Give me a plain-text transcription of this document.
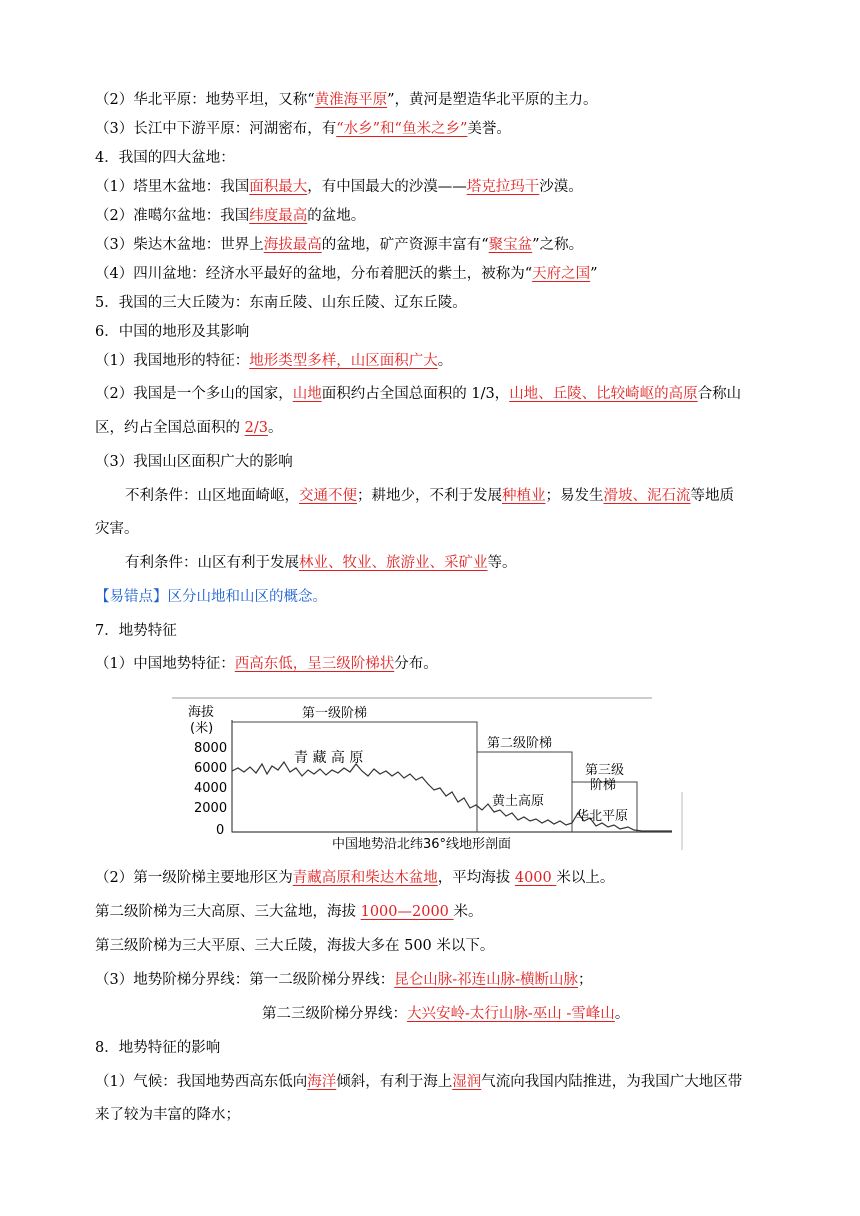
（2）华北平原：地势平坦，又称“黄淮海平原”，黄河是塑造华北平原的主力。
（3）长江中下游平原：河湖密布，有“水乡”和“鱼米之乡”美誉。
4．我国的四大盆地：
（1）塔里木盆地：我国面积最大，有中国最大的沙漠——塔克拉玛干沙漠。
（2）准噶尔盆地：我国纬度最高的盆地。
（3）柴达木盆地：世界上海拔最高的盆地，矿产资源丰富有“聚宝盆”之称。
（4）四川盆地：经济水平最好的盆地，分布着肥沃的紫土，被称为“天府之国”
5．我国的三大丘陵为：东南丘陵、山东丘陵、辽东丘陵。
6．中国的地形及其影响
（1）我国地形的特征：地形类型多样，山区面积广大。
（2）我国是一个多山的国家，山地面积约占全国总面积的 1/3，山地、丘陵、比较崎岖的高原合称山
区，约占全国总面积的 2/3。
（3）我国山区面积广大的影响
不利条件：山区地面崎岖，交通不便；耕地少，不利于发展种植业；易发生滑坡、泥石流等地质
灾害。
有利条件：山区有利于发展林业、牧业、旅游业、采矿业等。
【易错点】区分山地和山区的概念。
7．地势特征
（1）中国地势特征：西高东低，呈三级阶梯状分布。
（2）第一级阶梯主要地形区为青藏高原和柴达木盆地，平均海拔 4000 米以上。
第二级阶梯为三大高原、三大盆地，海拔 1000—2000 米。
第三级阶梯为三大平原、三大丘陵，海拔大多在 500 米以下。
（3）地势阶梯分界线：第一二级阶梯分界线：昆仑山脉-祁连山脉-横断山脉；
第二三级阶梯分界线：大兴安岭-太行山脉-巫山 -雪峰山。
8．地势特征的影响
（1）气候：我国地势西高东低向海洋倾斜，有利于海上湿润气流向我国内陆推进，为我国广大地区带
来了较为丰富的降水；
海拔
(米)
8000
6000
4000
2000
0
第一级阶梯
第二级阶梯
第三级
阶梯
青 藏 高 原
黄土高原
华北平原
中国地势沿北纬36°线地形剖面
